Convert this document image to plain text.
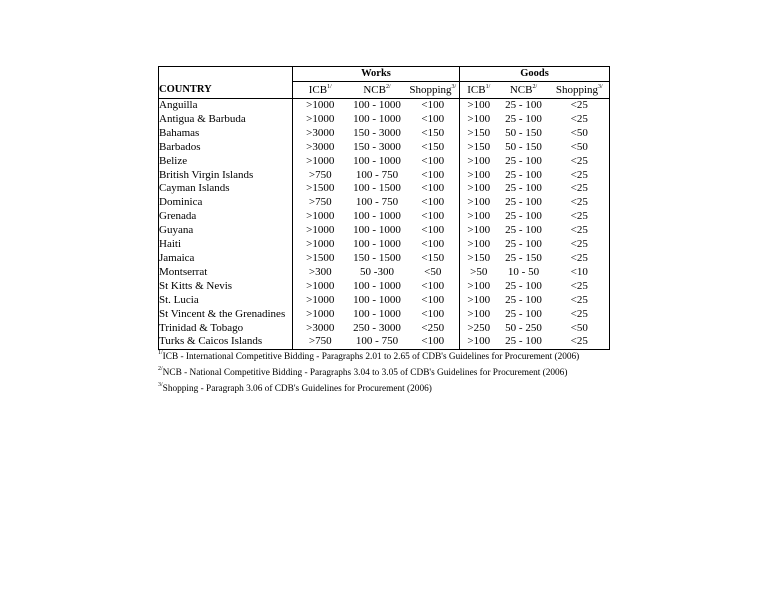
	Works			Goods		
COUNTRY	$ICB^{1/}$	$NCB^{2/}$	Shopping$^{3/}$	$ICB^{1/}$	$NCB^{2/}$	Shopping$^{3/}$
Anguilla	>1000	100 - 1000	<100	>100	25 - 100	<25
Antigua & Barbuda	>1000	100 - 1000	<100	>100	25 - 100	<25
Bahamas	>3000	150 - 3000	<150	>150	50 - 150	<50
Barbados	>3000	150 - 3000	<150	>150	50 - 150	<50
Belize	>1000	100 - 1000	<100	>100	25 - 100	<25
British Virgin Islands	>750	100 - 750	<100	>100	25 - 100	<25
Cayman Islands	>1500	100 - 1500	<100	>100	25 - 100	<25
Dominica	>750	100 - 750	<100	>100	25 - 100	<25
Grenada	>1000	100 - 1000	<100	>100	25 - 100	<25
Guyana	>1000	100 - 1000	<100	>100	25 - 100	<25
Haiti	>1000	100 - 1000	<100	>100	25 - 100	<25
Jamaica	>1500	150 - 1500	<150	>150	25 - 150	<25
Montserrat	>300	50 -300	<50	>50	10 - 50	<10
St Kitts & Nevis	>1000	100 - 1000	<100	>100	25 - 100	<25
St. Lucia	>1000	100 - 1000	<100	>100	25 - 100	<25
St Vincent & the Grenadines	>1000	100 - 1000	<100	>100	25 - 100	<25
Trinidad & Tobago	>3000	250 - 3000	<250	>250	50 - 250	<50
Turks & Caicos Islands	>750	100 - 750	<100	>100	25 - 100	<25
$^{1/}$ICB - International Competitive Bidding - Paragraphs 2.01 to 2.65 of CDB's Guidelines for Procurement (2006)
$^{2/}$NCB - National Competitive Bidding - Paragraphs 3.04 to 3.05 of CDB's Guidelines for Procurement (2006)
$^{3/}$Shopping - Paragraph 3.06 of CDB's Guidelines for Procurement (2006)
